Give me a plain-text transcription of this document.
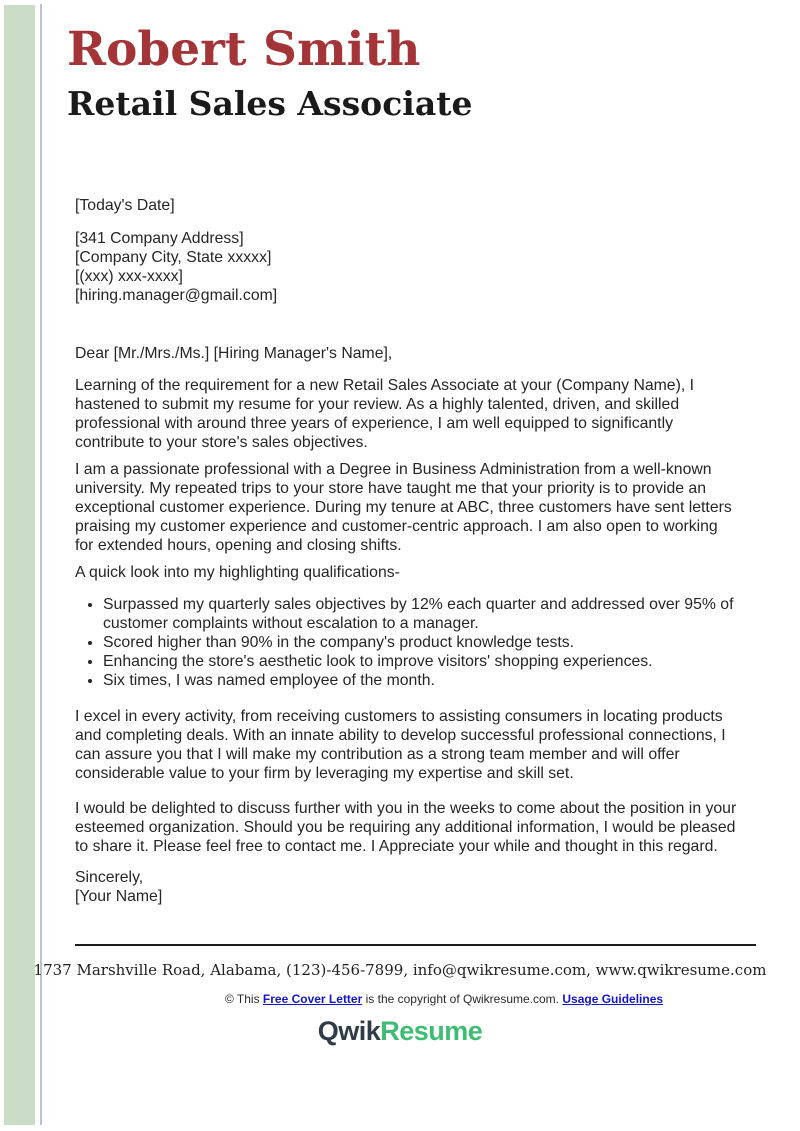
Robert Smith
Retail Sales Associate

[Today's Date]

[341 Company Address]

[Company City, State xxxxx]

[(xxx) xxx-xxxx]

[hiring.manager@gmail.com]

Dear [Mr./Mrs./Ms.] [Hiring Manager's Name],

Learning of the requirement for a new Retail Sales Associate at your (Company Name), I hastened to submit my resume for your review. As a highly talented, driven, and skilled professional with around three years of experience, I am well equipped to significantly contribute to your store's sales objectives.

I am a passionate professional with a Degree in Business Administration from a well-known university. My repeated trips to your store have taught me that your priority is to provide an exceptional customer experience. During my tenure at ABC, three customers have sent letters praising my customer experience and customer-centric approach. I am also open to working for extended hours, opening and closing shifts.

A quick look into my highlighting qualifications-

• Surpassed my quarterly sales objectives by 12% each quarter and addressed over 95% of customer complaints without escalation to a manager.
• Scored higher than 90% in the company's product knowledge tests.
• Enhancing the store's aesthetic look to improve visitors' shopping experiences.
• Six times, I was named employee of the month.

I excel in every activity, from receiving customers to assisting consumers in locating products and completing deals. With an innate ability to develop successful professional connections, I can assure you that I will make my contribution as a strong team member and will offer considerable value to your firm by leveraging my expertise and skill set.

I would be delighted to discuss further with you in the weeks to come about the position in your esteemed organization. Should you be requiring any additional information, I would be pleased to share it. Please feel free to contact me. I Appreciate your while and thought in this regard.

Sincerely,

[Your Name]

1737 Marshville Road, Alabama, (123)-456-7899, info@qwikresume.com, www.qwikresume.com

© This Free Cover Letter is the copyright of Qwikresume.com. Usage Guidelines

QwikResume
